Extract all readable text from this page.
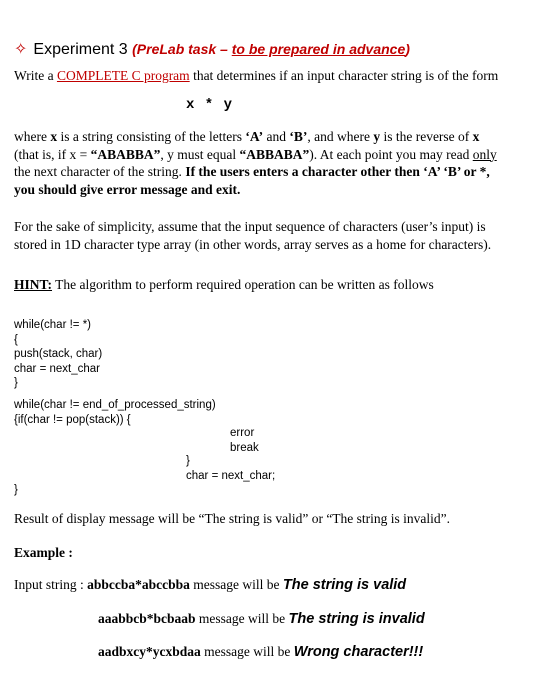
✧ Experiment 3 (PreLab task – to be prepared in advance)
Write a COMPLETE C program that determines if an input character string is of the form
x * y
where x is a string consisting of the letters ‘A’ and ‘B’, and where y is the reverse of x
(that is, if x = “ABABBA”, y must equal “ABBABA”). At each point you may read only
the next character of the string. If the users enters a character other then ‘A’ ‘B’ or *,
you should give error message and exit.
For the sake of simplicity, assume that the input sequence of characters (user’s input) is
stored in 1D character type array (in other words, array serves as a home for characters).
HINT: The algorithm to perform required operation can be written as follows
while(char != *)
{
push(stack, char)
char = next_char
}
while(char != end_of_processed_string)
{if(char != pop(stack)) {
error
break
}
char = next_char;
}
Result of display message will be “The string is valid” or “The string is invalid”.
Example :
Input string : abbccba*abccbba message will be The string is valid
aaabbcb*bcbaab message will be The string is invalid
aadbxcy*ycxbdaa message will be Wrong character!!!
